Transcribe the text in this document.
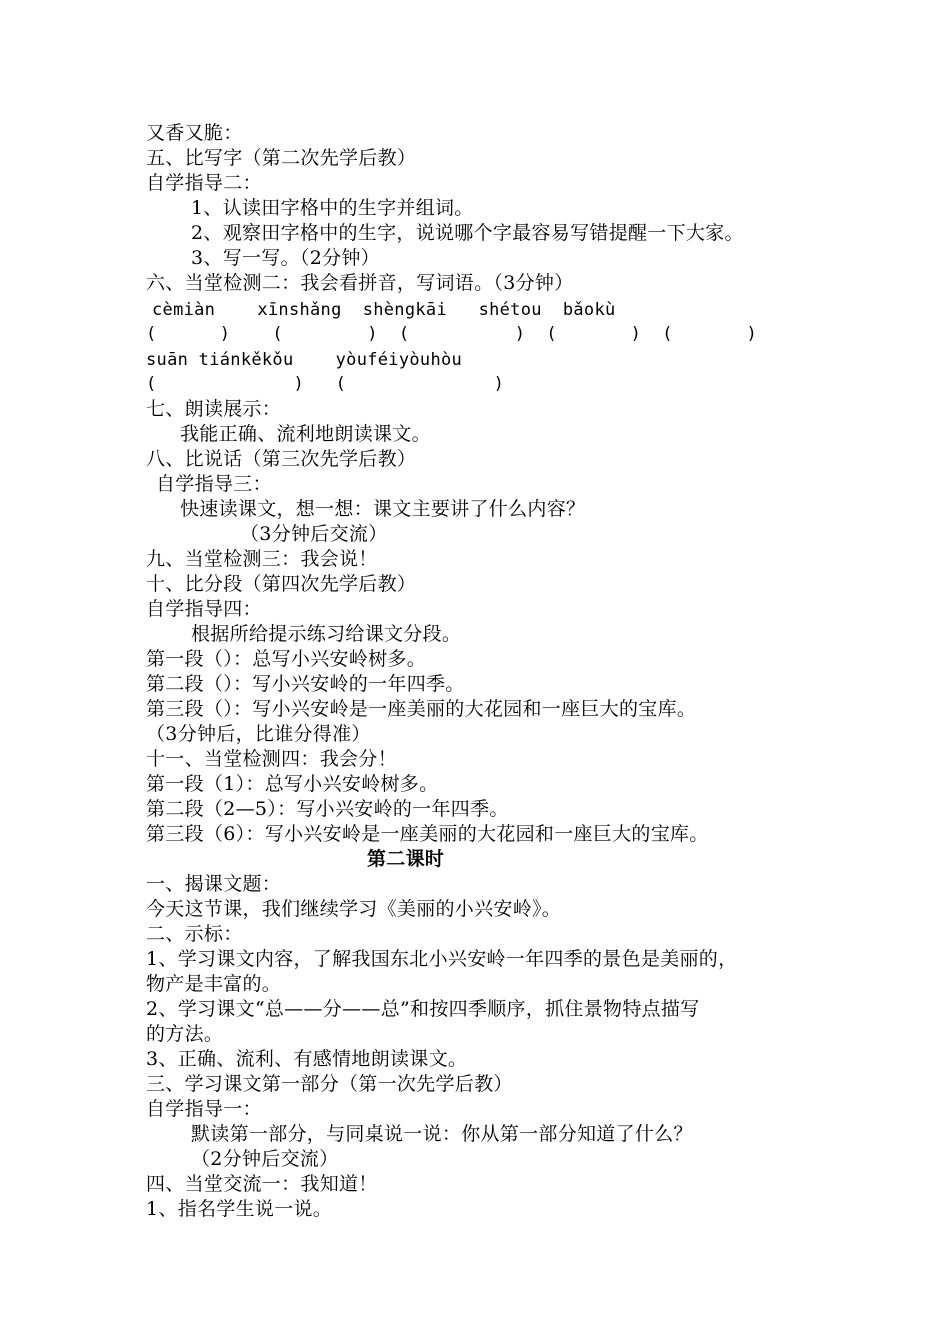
又香又脆：
五、比写字（第二次先学后教）
自学指导二：
1、认读田字格中的生字并组词。
2、观察田字格中的生字，说说哪个字最容易写错提醒一下大家。
3、写一写。（2分钟）
六、当堂检测二：我会看拼音，写词语。（3分钟）
cèmiàn    xīnshǎng  shèngkāi   shétou  bǎokù
(      )    (        )  (          )  (       )  (       )
suān tiánkěkǒu    yòuféiyòuhòu
(             )   (              )
七、朗读展示：
我能正确、流利地朗读课文。
八、比说话（第三次先学后教）
自学指导三：
快速读课文，想一想：课文主要讲了什么内容？
（3分钟后交流）
九、当堂检测三：我会说！
十、比分段（第四次先学后教）
自学指导四：
根据所给提示练习给课文分段。
第一段（）：总写小兴安岭树多。
第二段（）：写小兴安岭的一年四季。
第三段（）：写小兴安岭是一座美丽的大花园和一座巨大的宝库。
（3分钟后，比谁分得准）
十一、当堂检测四：我会分！
第一段（1）：总写小兴安岭树多。
第二段（2—5）：写小兴安岭的一年四季。
第三段（6）：写小兴安岭是一座美丽的大花园和一座巨大的宝库。
第二课时
一、揭课文题：
今天这节课，我们继续学习《美丽的小兴安岭》。
二、示标：
1、学习课文内容，了解我国东北小兴安岭一年四季的景色是美丽的，
物产是丰富的。
2、学习课文“总——分——总”和按四季顺序，抓住景物特点描写
的方法。
3、正确、流利、有感情地朗读课文。
三、学习课文第一部分（第一次先学后教）
自学指导一：
默读第一部分，与同桌说一说：你从第一部分知道了什么？
（2分钟后交流）
四、当堂交流一：我知道！
1、指名学生说一说。
